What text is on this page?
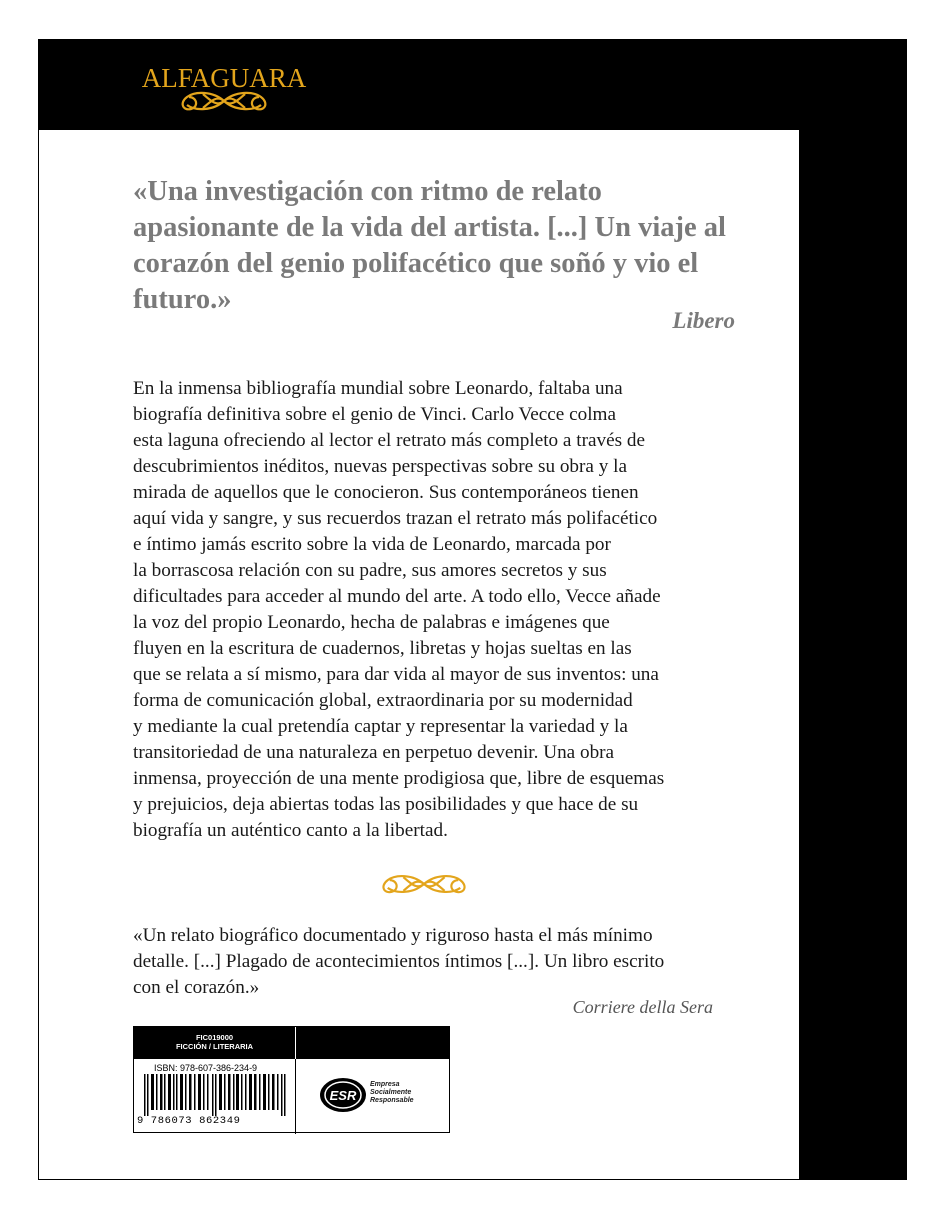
ALFAGUARA

«Una investigación con ritmo de relato apasionante de la vida del artista. [...] Un viaje al corazón del genio polifacético que soñó y vio el futuro.»

Libero

En la inmensa bibliografía mundial sobre Leonardo, faltaba una
biografía definitiva sobre el genio de Vinci. Carlo Vecce colma
esta laguna ofreciendo al lector el retrato más completo a través de
descubrimientos inéditos, nuevas perspectivas sobre su obra y la
mirada de aquellos que le conocieron. Sus contemporáneos tienen
aquí vida y sangre, y sus recuerdos trazan el retrato más polifacético
e íntimo jamás escrito sobre la vida de Leonardo, marcada por
la borrascosa relación con su padre, sus amores secretos y sus
dificultades para acceder al mundo del arte. A todo ello, Vecce añade
la voz del propio Leonardo, hecha de palabras e imágenes que
fluyen en la escritura de cuadernos, libretas y hojas sueltas en las
que se relata a sí mismo, para dar vida al mayor de sus inventos: una
forma de comunicación global, extraordinaria por su modernidad
y mediante la cual pretendía captar y representar la variedad y la
transitoriedad de una naturaleza en perpetuo devenir. Una obra
inmensa, proyección de una mente prodigiosa que, libre de esquemas
y prejuicios, deja abiertas todas las posibilidades y que hace de su
biografía un auténtico canto a la libertad.

«Un relato biográfico documentado y riguroso hasta el más mínimo
detalle. [...] Plagado de acontecimientos íntimos [...]. Un libro escrito
con el corazón.»

Corriere della Sera
FIC019000
FICCIÓN / LITERARIA
ISBN: 978-607-386-234-9
9 786073 862349
ESR
Empresa
Socialmente
Responsable
